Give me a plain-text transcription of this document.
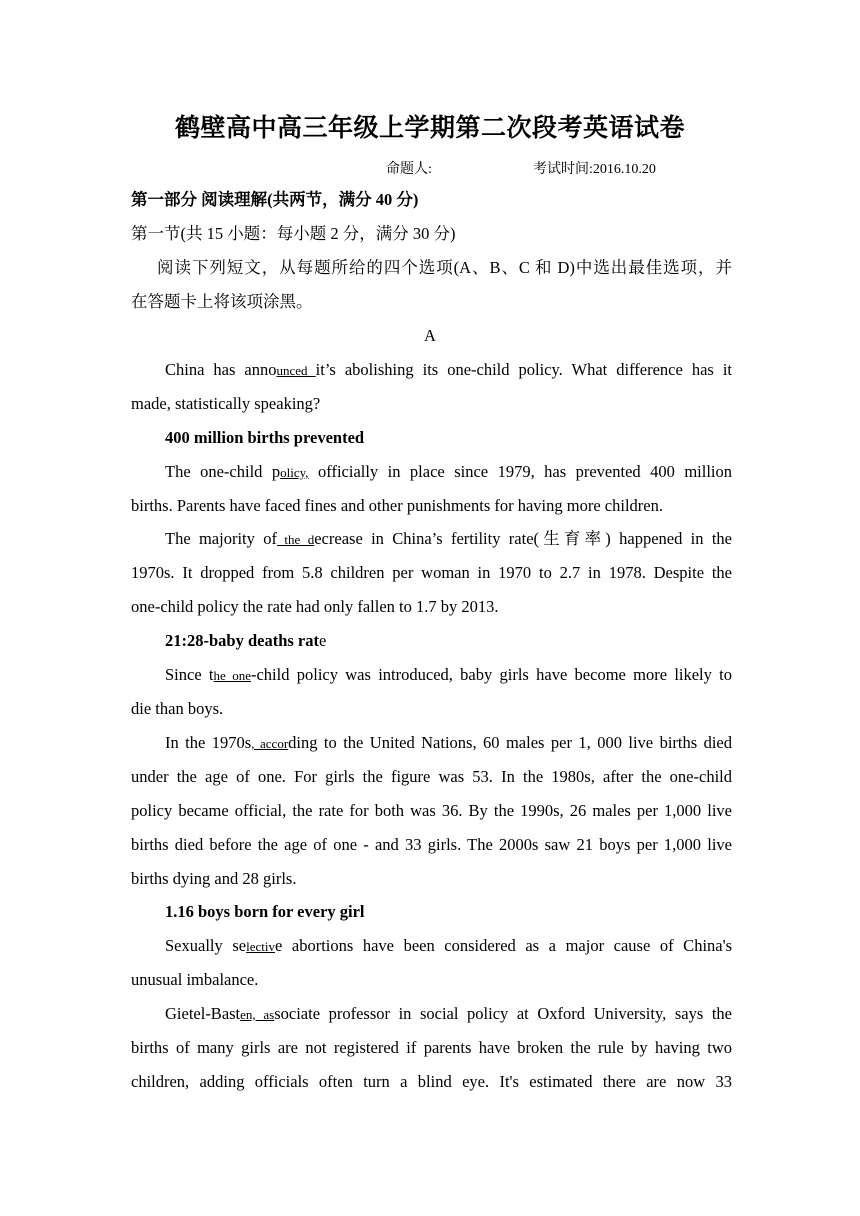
鹤壁高中高三年级上学期第二次段考英语试卷
命题人:	考试时间:2016.10.20
第一部分 阅读理解(共两节，满分 40 分)
第一节(共 15 小题：每小题 2 分，满分 30 分)
阅读下列短文，从每题所给的四个选项(A、B、C 和 D)中选出最佳选项，并
在答题卡上将该项涂黑。
A
China has announced it’s abolishing its one-child policy. What difference has it
made, statistically speaking?
400 million births prevented
The one-child policy, officially in place since 1979, has prevented 400 million
births. Parents have faced fines and other punishments for having more children.
The majority of the decrease in China’s fertility rate(生育率) happened in the
1970s. It dropped from 5.8 children per woman in 1970 to 2.7 in 1978. Despite the
one-child policy the rate had only fallen to 1.7 by 2013.
21:28-baby deaths rate
Since the one-child policy was introduced, baby girls have become more likely to
die than boys.
In the 1970s, according to the United Nations, 60 males per 1, 000 live births died
under the age of one. For girls the figure was 53. In the 1980s, after the one-child
policy became official, the rate for both was 36. By the 1990s, 26 males per 1,000 live
births died before the age of one - and 33 girls. The 2000s saw 21 boys per 1,000 live
births dying and 28 girls.
1.16 boys born for every girl
Sexually selective abortions have been considered as a major cause of China's
unusual imbalance.
Gietel-Basten, associate professor in social policy at Oxford University, says the
births of many girls are not registered if parents have broken the rule by having two
children, adding officials often turn a blind eye. It's estimated there are now 33
